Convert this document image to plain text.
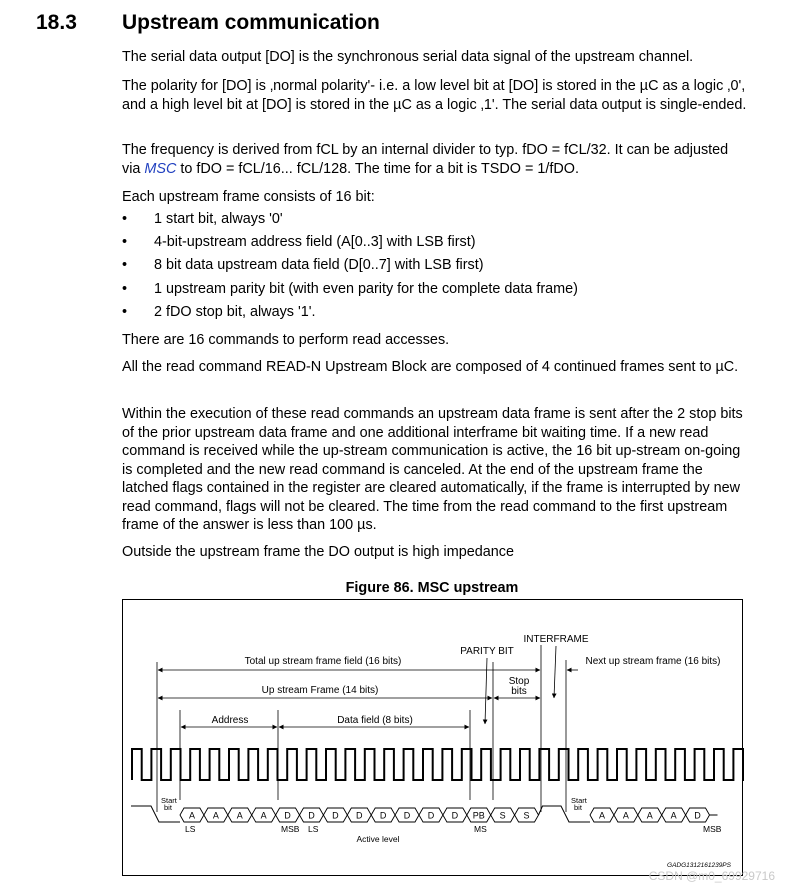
18.3 Upstream communication

The serial data output [DO] is the synchronous serial data signal of the upstream channel.

The polarity for [DO] is ‚normal polarity'- i.e. a low level bit at [DO] is stored in the µC as a logic ‚0', and a high level bit at [DO] is stored in the µC as a logic ‚1'. The serial data output is single-ended.

The frequency is derived from fCL by an internal divider to typ. fDO = fCL/32. It can be adjusted via MSC to fDO = fCL/16... fCL/128. The time for a bit is TSDO = 1/fDO.

Each upstream frame consists of 16 bit:

• 1 start bit, always '0'
• 4-bit-upstream address field (A[0..3] with LSB first)
• 8 bit data upstream data field (D[0..7] with LSB first)
• 1 upstream parity bit (with even parity for the complete data frame)
• 2 fDO stop bit, always '1'.

There are 16 commands to perform read accesses.

All the read command READ-N Upstream Block are composed of 4 continued frames sent to µC.

Within the execution of these read commands an upstream data frame is sent after the 2 stop bits of the prior upstream data frame and one additional interframe bit waiting time. If a new read command is received while the up-stream communication is active, the 16 bit up-stream on-going is completed and the new read command is canceled. At the end of the upstream frame the latched flags contained in the register are cleared automatically, if the frame is interrupted by new read command, flags will not be cleared. The time from the read command to the first upstream frame of the answer is less than 100 µs.

Outside the upstream frame the DO output is high impedance

Figure 86. MSC upstream
INTERFRAME
PARITY BIT
Total up stream frame field (16 bits)	Next up stream frame (16 bits)
Up stream Frame (14 bits)
Stop
bits
Address	Data field (8 bits)
A A A A D D D D D D D D PB S S	A A A A D
Start
bit
Start
bit
LS	MSB LS	MS	MSB
Active level
GADG1312161239PS
CSDN @m0_69929716
